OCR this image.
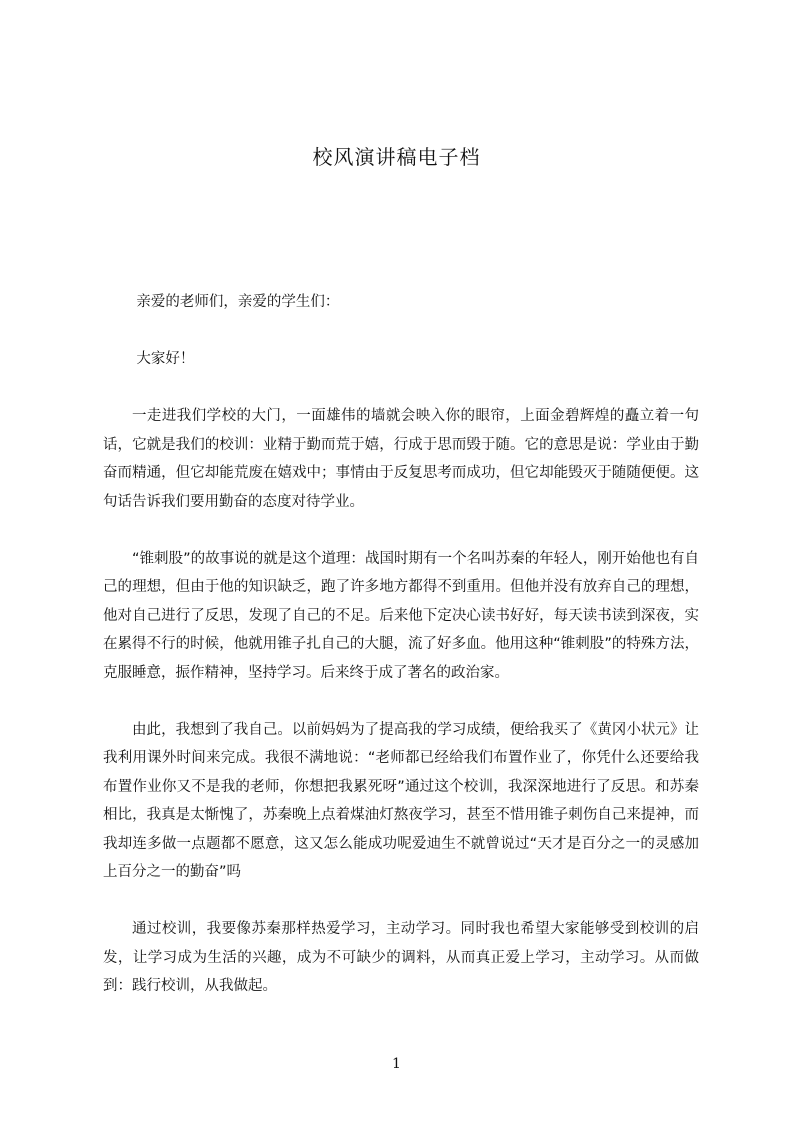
校风演讲稿电子档

亲爱的老师们，亲爱的学生们：

大家好！

一走进我们学校的大门，一面雄伟的墙就会映入你的眼帘，上面金碧辉煌的矗立着一句话，它就是我们的校训：业精于勤而荒于嬉，行成于思而毁于随。它的意思是说：学业由于勤奋而精通，但它却能荒废在嬉戏中；事情由于反复思考而成功，但它却能毁灭于随随便便。这句话告诉我们要用勤奋的态度对待学业。

“锥刺股”的故事说的就是这个道理：战国时期有一个名叫苏秦的年轻人，刚开始他也有自己的理想，但由于他的知识缺乏，跑了许多地方都得不到重用。但他并没有放弃自己的理想，他对自己进行了反思，发现了自己的不足。后来他下定决心读书好好，每天读书读到深夜，实在累得不行的时候，他就用锥子扎自己的大腿，流了好多血。他用这种“锥刺股”的特殊方法，克服睡意，振作精神，坚持学习。后来终于成了著名的政治家。

由此，我想到了我自己。以前妈妈为了提高我的学习成绩，便给我买了《黄冈小状元》让我利用课外时间来完成。我很不满地说：“老师都已经给我们布置作业了，你凭什么还要给我布置作业你又不是我的老师，你想把我累死呀”通过这个校训，我深深地进行了反思。和苏秦相比，我真是太惭愧了，苏秦晚上点着煤油灯熬夜学习，甚至不惜用锥子刺伤自己来提神，而我却连多做一点题都不愿意，这又怎么能成功呢爱迪生不就曾说过“天才是百分之一的灵感加上百分之一的勤奋”吗

通过校训，我要像苏秦那样热爱学习，主动学习。同时我也希望大家能够受到校训的启发，让学习成为生活的兴趣，成为不可缺少的调料，从而真正爱上学习，主动学习。从而做到：践行校训，从我做起。

1
